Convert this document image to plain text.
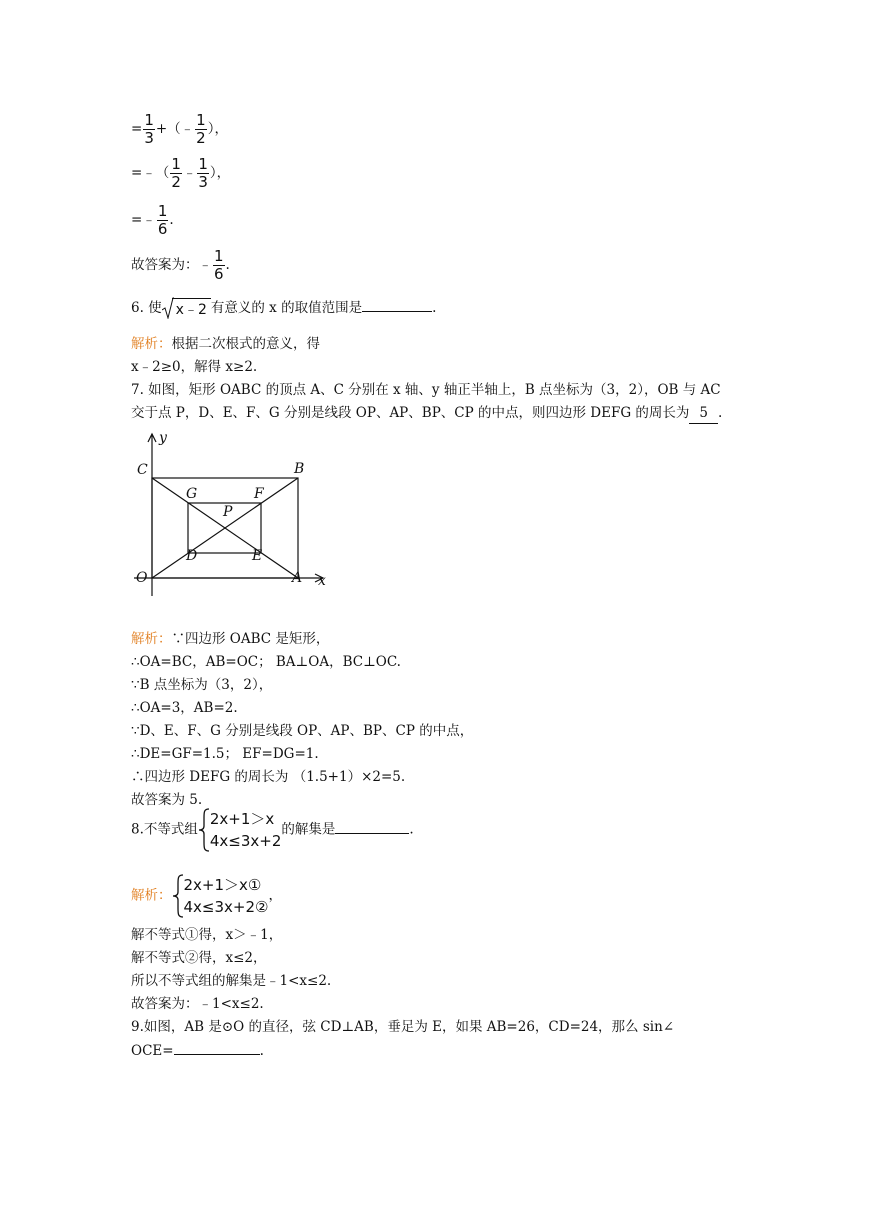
= $\frac{1}{3}$ +（﹣ $\frac{1}{2}$ ），
=﹣（ $\frac{1}{2}$ ﹣ $\frac{1}{3}$ ），
=﹣ $\frac{1}{6}$ .
故答案为：﹣ $\frac{1}{6}$ .
6. 使 x﹣2 有意义的 x 的取值范围是	.
解析：根据二次根式的意义，得
x﹣2≥0，解得 x≥2.
7. 如图，矩形 OABC 的顶点 A、C 分别在 x 轴、y 轴正半轴上，B 点坐标为（3，2），OB 与 AC
交于点 P，D、E、F、G 分别是线段 OP、AP、BP、CP 的中点，则四边形 DEFG 的周长为 5 .
y
x
O	A
B
C
D	E
F
G
P
解析：∵四边形 OABC 是矩形，
∴OA=BC，AB=OC； BA⊥OA，BC⊥OC.
∵B 点坐标为（3，2），
∴OA=3，AB=2.
∵D、E、F、G 分别是线段 OP、AP、BP、CP 的中点，
∴DE=GF=1.5； EF=DG=1.
∴四边形 DEFG 的周长为 （1.5+1）×2=5.
故答案为 5.
8.不等式组
2x+1＞x
4x≤3x+2
的解集是	.
解析：
2x+1＞x①
4x≤3x+2②
，
解不等式①得，x＞﹣1，
解不等式②得，x≤2，
所以不等式组的解集是﹣1<x≤2.
故答案为：﹣1<x≤2.
9.如图，AB 是⊙O 的直径，弦 CD⊥AB，垂足为 E，如果 AB=26，CD=24，那么 sin∠
OCE=	.
